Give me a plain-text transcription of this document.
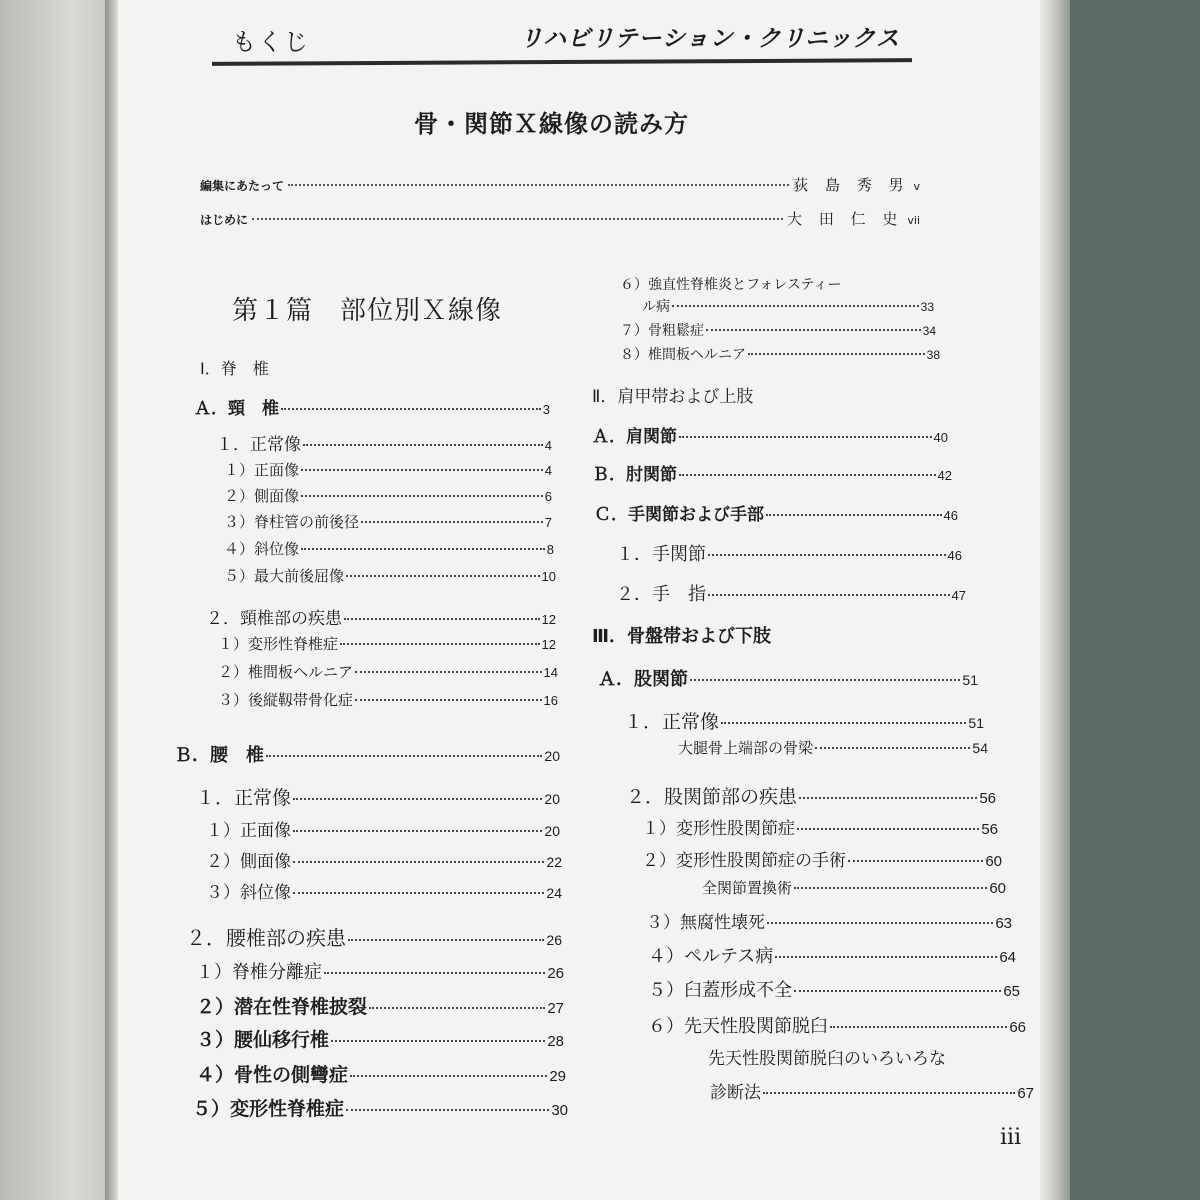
もくじ	リハビリテーション・クリニックス
骨・関節Ｘ線像の読み方
編集にあたって	荻 島 秀 男 v
はじめに	大 田 仁 史 vii
第１篇　部位別Ｘ線像
Ⅰ．脊　椎
Ａ．頸　椎	3
１．正常像	4
１）正面像	4
２）側面像	6
３）脊柱管の前後径	7
４）斜位像	8
５）最大前後屈像	10
２．頸椎部の疾患	12
１）変形性脊椎症	12
２）椎間板ヘルニア	14
３）後縦靱帯骨化症	16
Ｂ．腰　椎	20
１．正常像	20
１）正面像	20
２）側面像	22
３）斜位像	24
２．腰椎部の疾患	26
１）脊椎分離症	26
２）潜在性脊椎披裂	27
３）腰仙移行椎	28
４）骨性の側彎症	29
５）変形性脊椎症	30
６）強直性脊椎炎とフォレスティー
ル病	33
７）骨粗鬆症	34
８）椎間板ヘルニア	38
Ⅱ．肩甲帯および上肢
Ａ．肩関節	40
Ｂ．肘関節	42
Ｃ．手関節および手部	46
１．手関節	46
２．手　指	47
Ⅲ．骨盤帯および下肢
Ａ．股関節	51
１．正常像	51
大腿骨上端部の骨梁	54
２．股関節部の疾患	56
１）変形性股関節症	56
２）変形性股関節症の手術	60
全関節置換術	60
３）無腐性壊死	63
４）ペルテス病	64
５）臼蓋形成不全	65
６）先天性股関節脱臼	66
先天性股関節脱臼のいろいろな
診断法	67
iii
